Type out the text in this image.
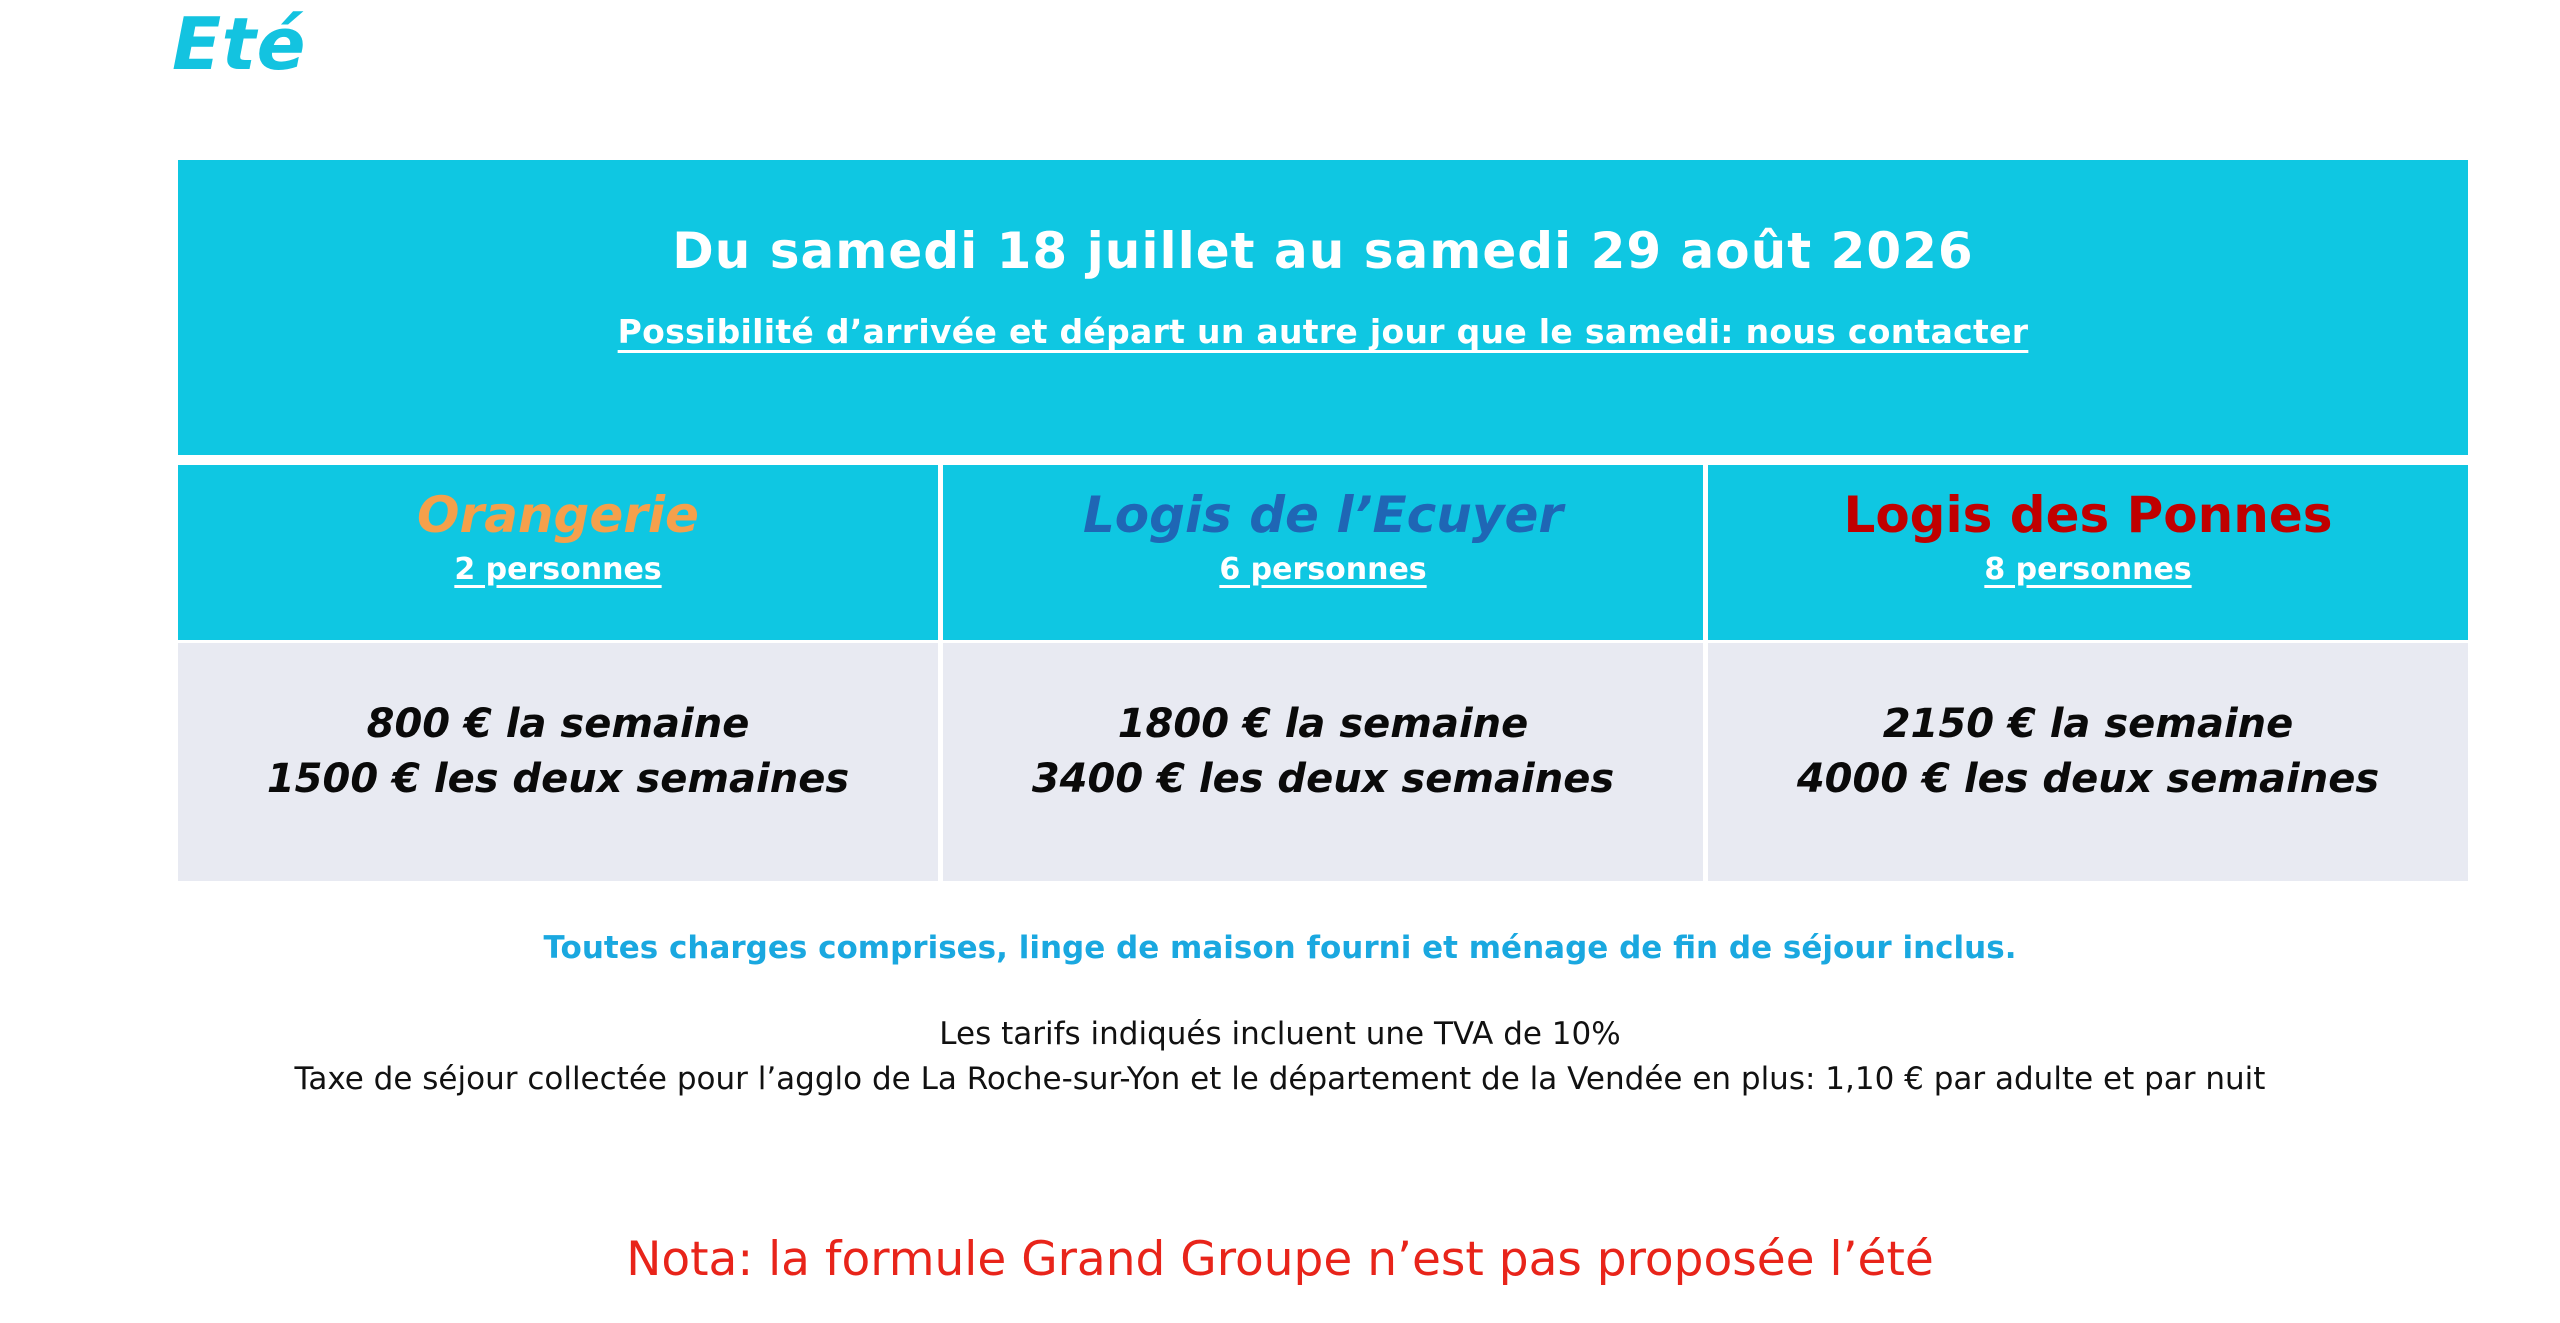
Eté
Du samedi 18 juillet au samedi 29 août 2026
Possibilité d’arrivée et départ un autre jour que le samedi: nous contacter
Orangerie
2 personnes
Logis de l’Ecuyer
6 personnes
Logis des Ponnes
8 personnes
800 € la semaine
1500 € les deux semaines
1800 € la semaine
3400 € les deux semaines
2150 € la semaine
4000 € les deux semaines
Toutes charges comprises, linge de maison fourni et ménage de fin de séjour inclus.
Les tarifs indiqués incluent une TVA de 10%
Taxe de séjour collectée pour l’agglo de La Roche-sur-Yon et le département de la Vendée en plus: 1,10 € par adulte et par nuit
Nota: la formule Grand Groupe n’est pas proposée l’été
